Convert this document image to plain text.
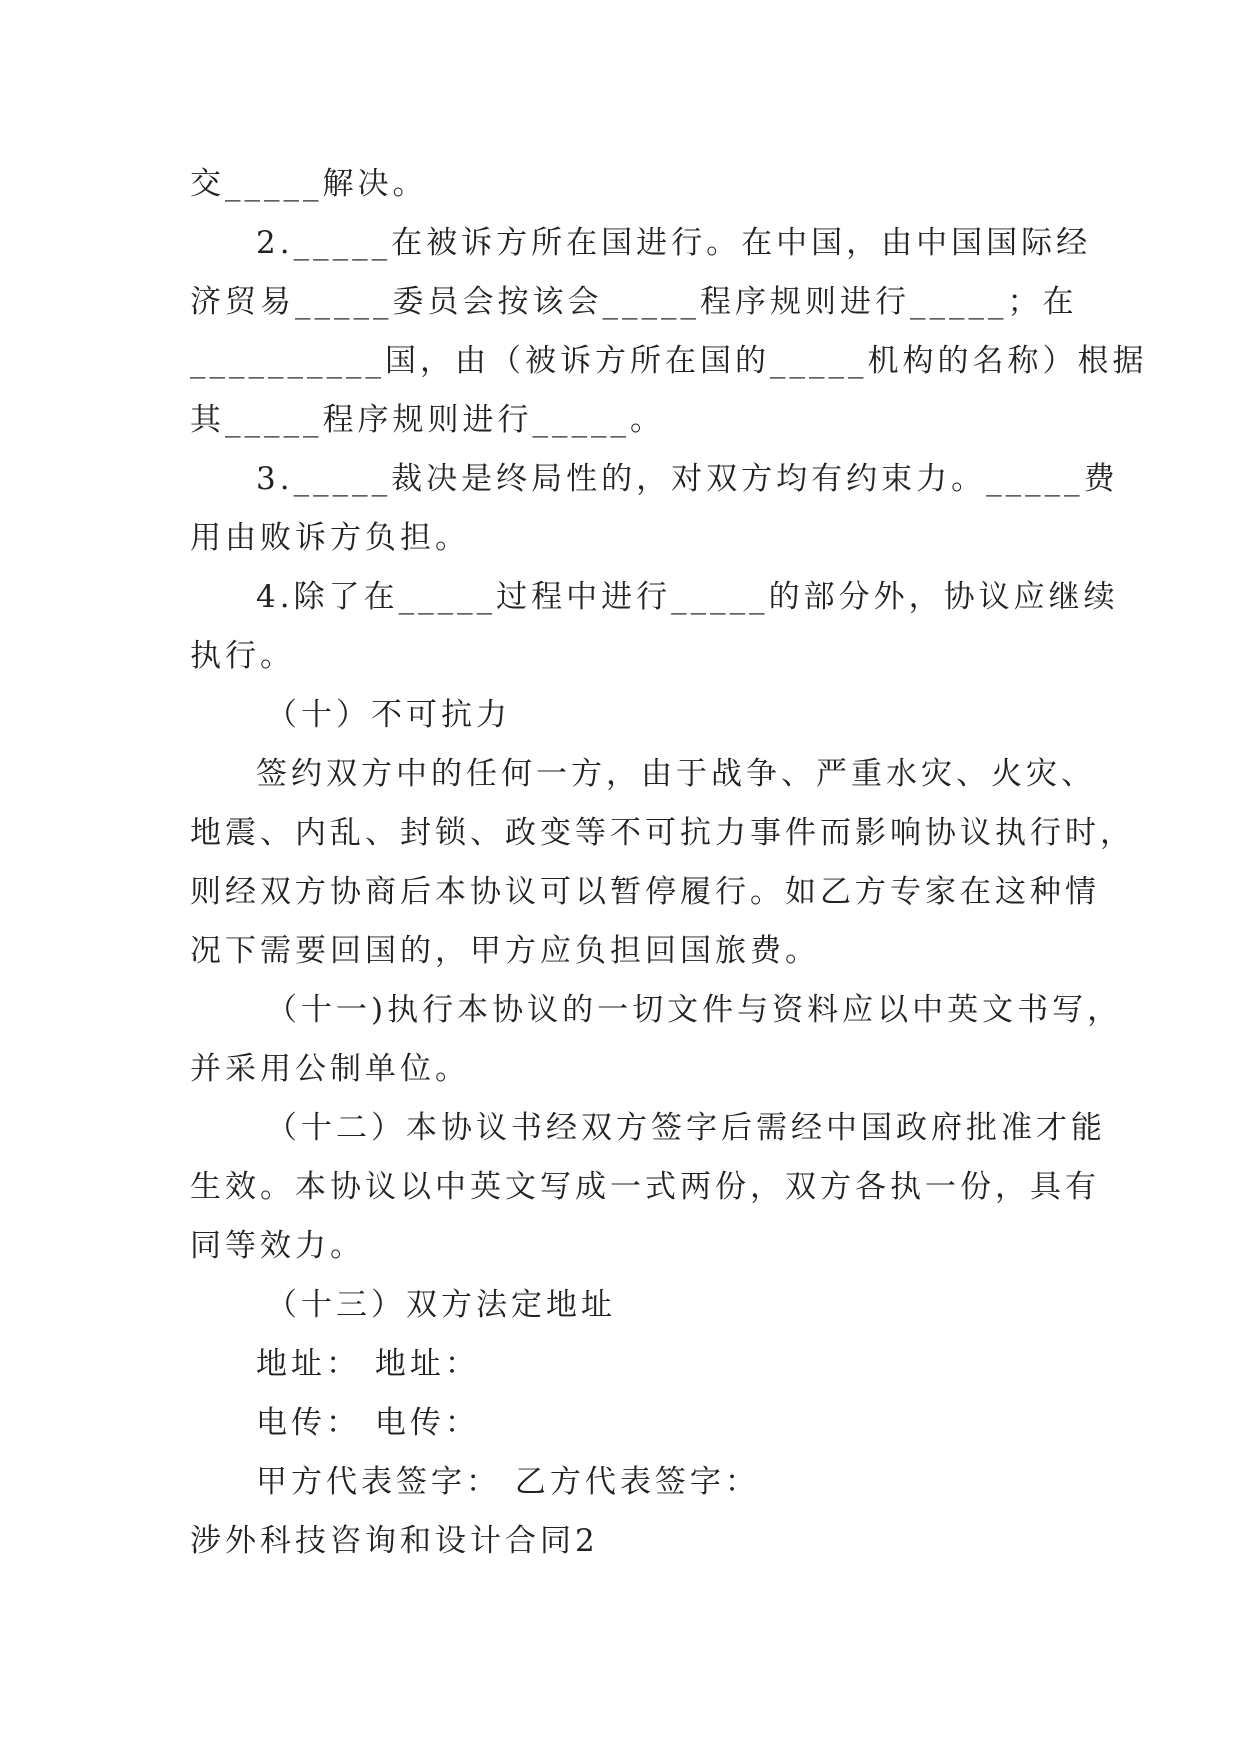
交_____解决。
2._____在被诉方所在国进行。在中国，由中国国际经
济贸易_____委员会按该会_____程序规则进行_____；在
__________国，由（被诉方所在国的_____机构的名称）根据
其_____程序规则进行_____。
3._____裁决是终局性的，对双方均有约束力。_____费
用由败诉方负担。
4.除了在_____过程中进行_____的部分外，协议应继续
执行。
（十）不可抗力
签约双方中的任何一方，由于战争、严重水灾、火灾、
地震、内乱、封锁、政变等不可抗力事件而影响协议执行时，
则经双方协商后本协议可以暂停履行。如乙方专家在这种情
况下需要回国的，甲方应负担回国旅费。
（十一)执行本协议的一切文件与资料应以中英文书写，
并采用公制单位。
（十二）本协议书经双方签字后需经中国政府批准才能
生效。本协议以中英文写成一式两份，双方各执一份，具有
同等效力。
（十三）双方法定地址
地址： 地址：
电传： 电传：
甲方代表签字： 乙方代表签字：
涉外科技咨询和设计合同2
